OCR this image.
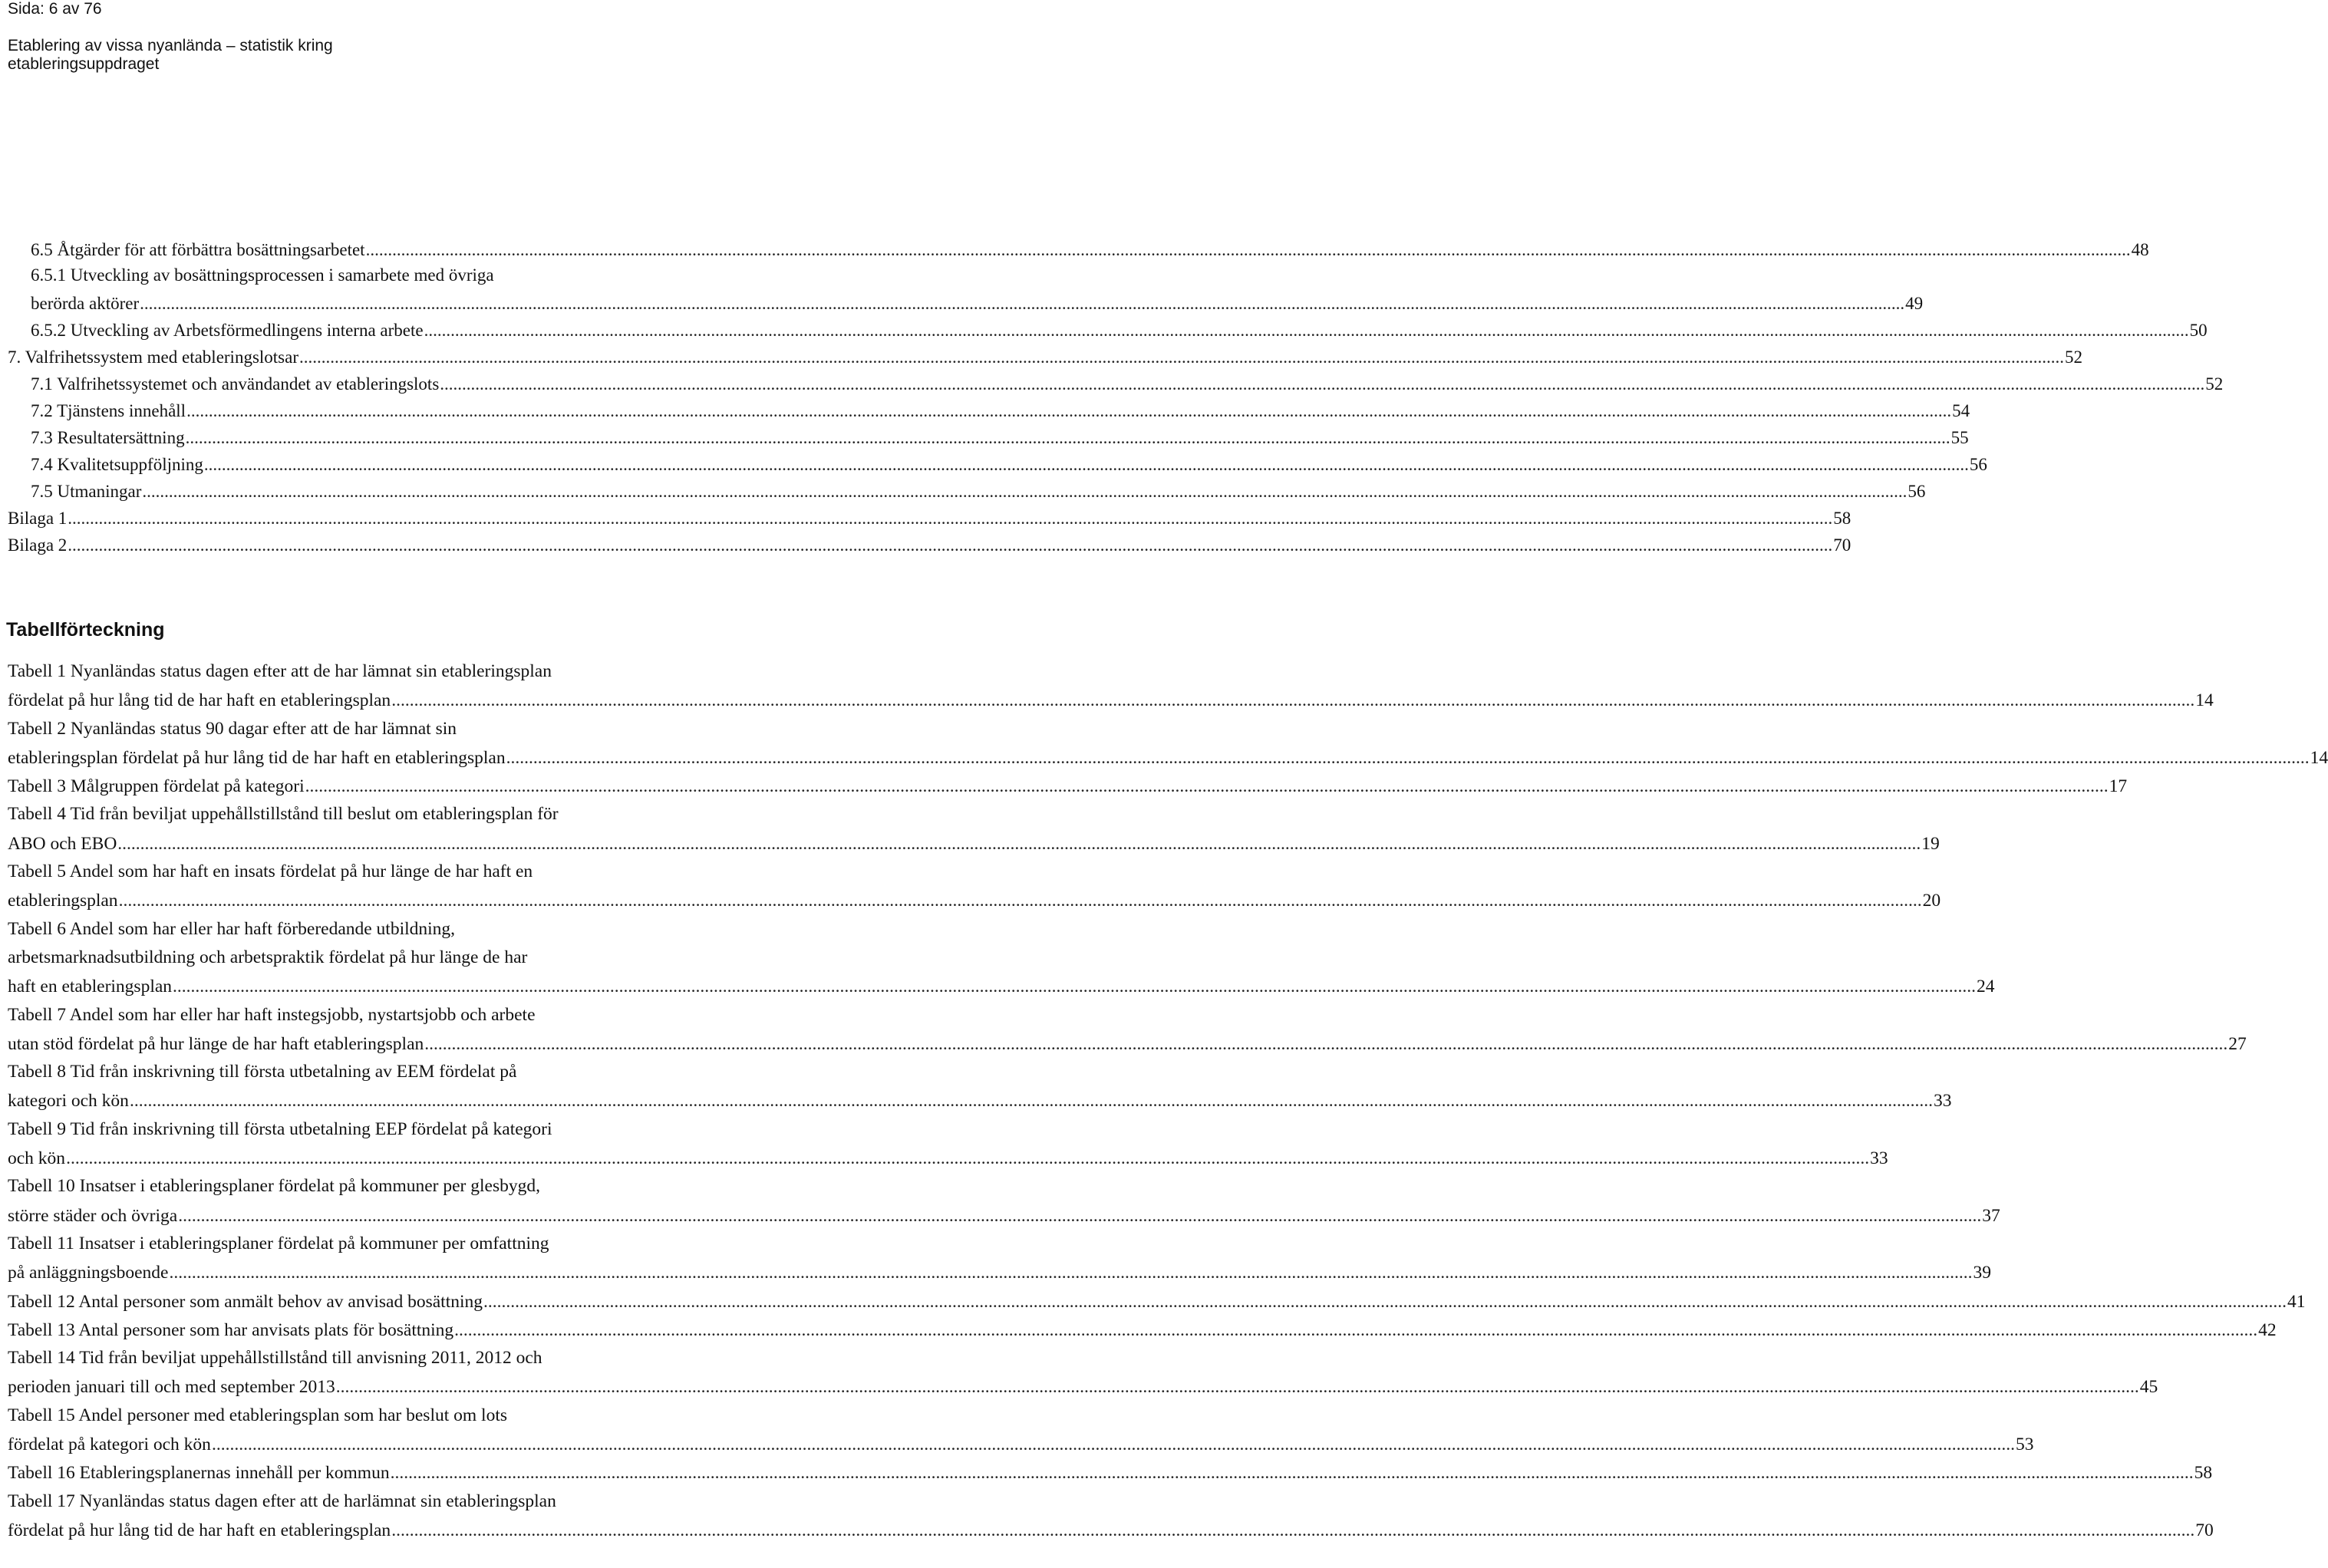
Sida: 6 av 76

Etablering av vissa nyanlända – statistik kring

etableringsuppdraget

6.5 Åtgärder för att förbättra bosättningsarbetet ................................................................................................................................................................................................................................................................................................................................................................................................................ 48
6.5.1 Utveckling av bosättningsprocessen i samarbete med övriga
berörda aktörer ................................................................................................................................................................................................................................................................................................................................................................................................................ 49
6.5.2 Utveckling av Arbetsförmedlingens interna arbete ................................................................................................................................................................................................................................................................................................................................................................................................................ 50
7. Valfrihetssystem med etableringslotsar ................................................................................................................................................................................................................................................................................................................................................................................................................ 52
7.1 Valfrihetssystemet och användandet av etableringslots ................................................................................................................................................................................................................................................................................................................................................................................................................ 52
7.2 Tjänstens innehåll ................................................................................................................................................................................................................................................................................................................................................................................................................ 54
7.3 Resultatersättning ................................................................................................................................................................................................................................................................................................................................................................................................................ 55
7.4 Kvalitetsuppföljning ................................................................................................................................................................................................................................................................................................................................................................................................................ 56
7.5 Utmaningar ................................................................................................................................................................................................................................................................................................................................................................................................................ 56
Bilaga 1 ................................................................................................................................................................................................................................................................................................................................................................................................................ 58
Bilaga 2 ................................................................................................................................................................................................................................................................................................................................................................................................................ 70
Tabellförteckning
Tabell 1 Nyanländas status dagen efter att de har lämnat sin etableringsplan
fördelat på hur lång tid de har haft en etableringsplan ................................................................................................................................................................................................................................................................................................................................................................................................................ 14
Tabell 2 Nyanländas status 90 dagar efter att de har lämnat sin
etableringsplan fördelat på hur lång tid de har haft en etableringsplan ................................................................................................................................................................................................................................................................................................................................................................................................................ 14
Tabell 3 Målgruppen fördelat på kategori ................................................................................................................................................................................................................................................................................................................................................................................................................ 17
Tabell 4 Tid från beviljat uppehållstillstånd till beslut om etableringsplan för
ABO och EBO ................................................................................................................................................................................................................................................................................................................................................................................................................ 19
Tabell 5 Andel som har haft en insats fördelat på hur länge de har haft en
etableringsplan ................................................................................................................................................................................................................................................................................................................................................................................................................ 20
Tabell 6 Andel som har eller har haft förberedande utbildning,
arbetsmarknadsutbildning och arbetspraktik fördelat på hur länge de har
haft en etableringsplan ................................................................................................................................................................................................................................................................................................................................................................................................................ 24
Tabell 7 Andel som har eller har haft instegsjobb, nystartsjobb och arbete
utan stöd fördelat på hur länge de har haft etableringsplan ................................................................................................................................................................................................................................................................................................................................................................................................................ 27
Tabell 8 Tid från inskrivning till första utbetalning av EEM fördelat på
kategori och kön ................................................................................................................................................................................................................................................................................................................................................................................................................ 33
Tabell 9 Tid från inskrivning till första utbetalning EEP fördelat på kategori
och kön ................................................................................................................................................................................................................................................................................................................................................................................................................ 33
Tabell 10 Insatser i etableringsplaner fördelat på kommuner per glesbygd,
större städer och övriga ................................................................................................................................................................................................................................................................................................................................................................................................................ 37
Tabell 11 Insatser i etableringsplaner fördelat på kommuner per omfattning
på anläggningsboende ................................................................................................................................................................................................................................................................................................................................................................................................................ 39
Tabell 12 Antal personer som anmält behov av anvisad bosättning ................................................................................................................................................................................................................................................................................................................................................................................................................ 41
Tabell 13 Antal personer som har anvisats plats för bosättning ................................................................................................................................................................................................................................................................................................................................................................................................................ 42
Tabell 14 Tid från beviljat uppehållstillstånd till anvisning 2011, 2012 och
perioden januari till och med september 2013 ................................................................................................................................................................................................................................................................................................................................................................................................................ 45
Tabell 15 Andel personer med etableringsplan som har beslut om lots
fördelat på kategori och kön ................................................................................................................................................................................................................................................................................................................................................................................................................ 53
Tabell 16 Etableringsplanernas innehåll per kommun ................................................................................................................................................................................................................................................................................................................................................................................................................ 58
Tabell 17 Nyanländas status dagen efter att de harlämnat sin etableringsplan
fördelat på hur lång tid de har haft en etableringsplan ................................................................................................................................................................................................................................................................................................................................................................................................................ 70
